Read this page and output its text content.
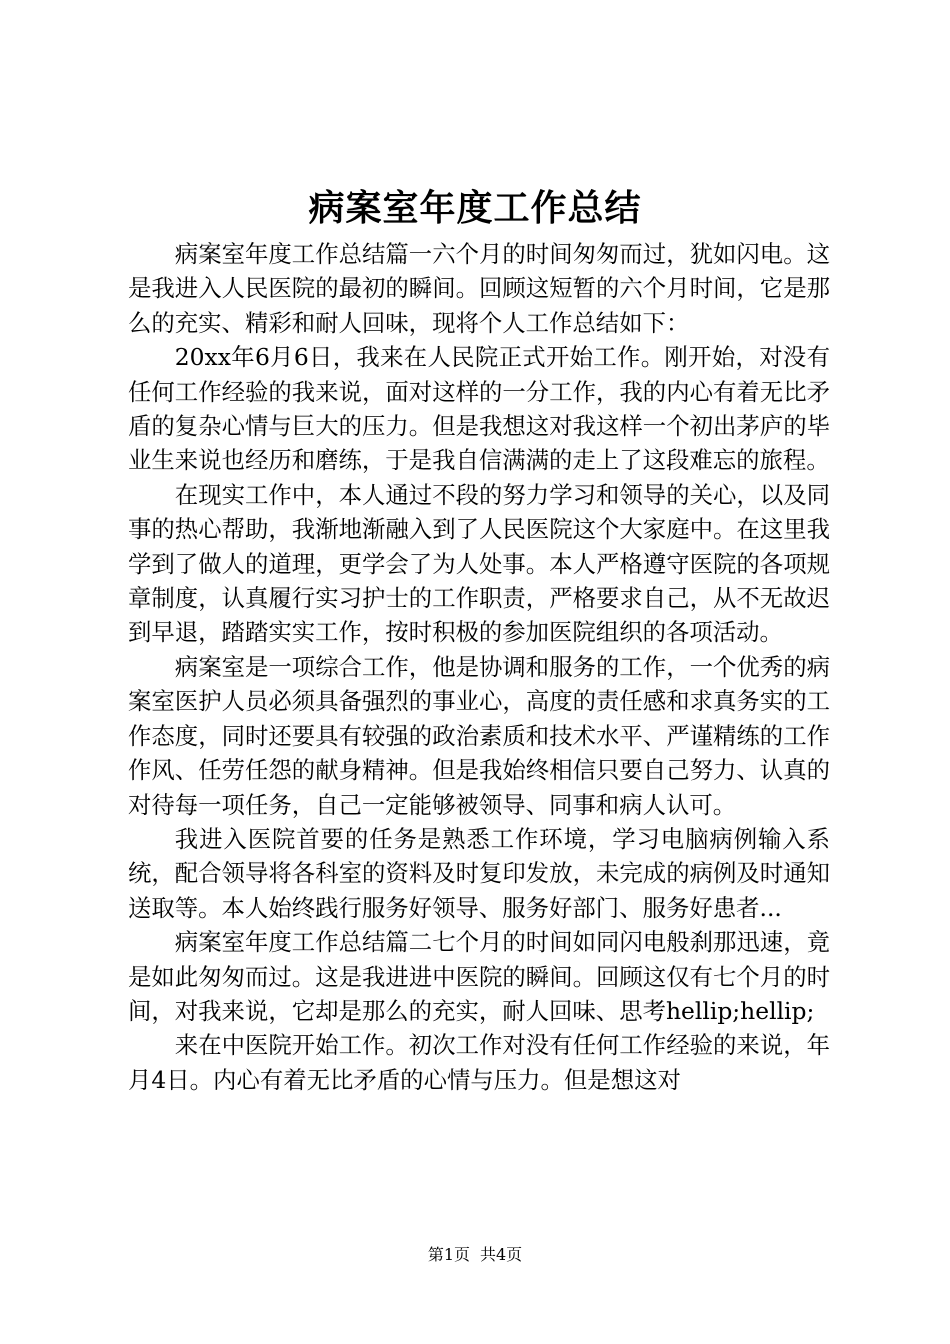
病案室年度工作总结

病案室年度工作总结篇一六个月的时间匆匆而过，犹如闪电。这是我进入人民医院的最初的瞬间。回顾这短暂的六个月时间，它是那么的充实、精彩和耐人回味，现将个人工作总结如下：

20xx年6月6日，我来在人民院正式开始工作。刚开始，对没有任何工作经验的我来说，面对这样的一分工作，我的内心有着无比矛盾的复杂心情与巨大的压力。但是我想这对我这样一个初出茅庐的毕业生来说也经历和磨练，于是我自信满满的走上了这段难忘的旅程。

在现实工作中，本人通过不段的努力学习和领导的关心，以及同事的热心帮助，我渐地渐融入到了人民医院这个大家庭中。在这里我学到了做人的道理，更学会了为人处事。本人严格遵守医院的各项规章制度，认真履行实习护士的工作职责，严格要求自己，从不无故迟到早退，踏踏实实工作，按时积极的参加医院组织的各项活动。

病案室是一项综合工作，他是协调和服务的工作，一个优秀的病案室医护人员必须具备强烈的事业心，高度的责任感和求真务实的工作态度，同时还要具有较强的政治素质和技术水平、严谨精练的工作作风、任劳任怨的献身精神。但是我始终相信只要自己努力、认真的对待每一项任务，自己一定能够被领导、同事和病人认可。

我进入医院首要的任务是熟悉工作环境，学习电脑病例输入系统，配合领导将各科室的资料及时复印发放，未完成的病例及时通知送取等。本人始终践行服务好领导、服务好部门、服务好患者...

病案室年度工作总结篇二七个月的时间如同闪电般刹那迅速，竟是如此匆匆而过。这是我进进中医院的瞬间。回顾这仅有七个月的时间，对我来说，它却是那么的充实，耐人回味、思考hellip;hellip;

来在中医院开始工作。初次工作对没有任何工作经验的来说，年月4日。内心有着无比矛盾的心情与压力。但是想这对

第1页 共4页
